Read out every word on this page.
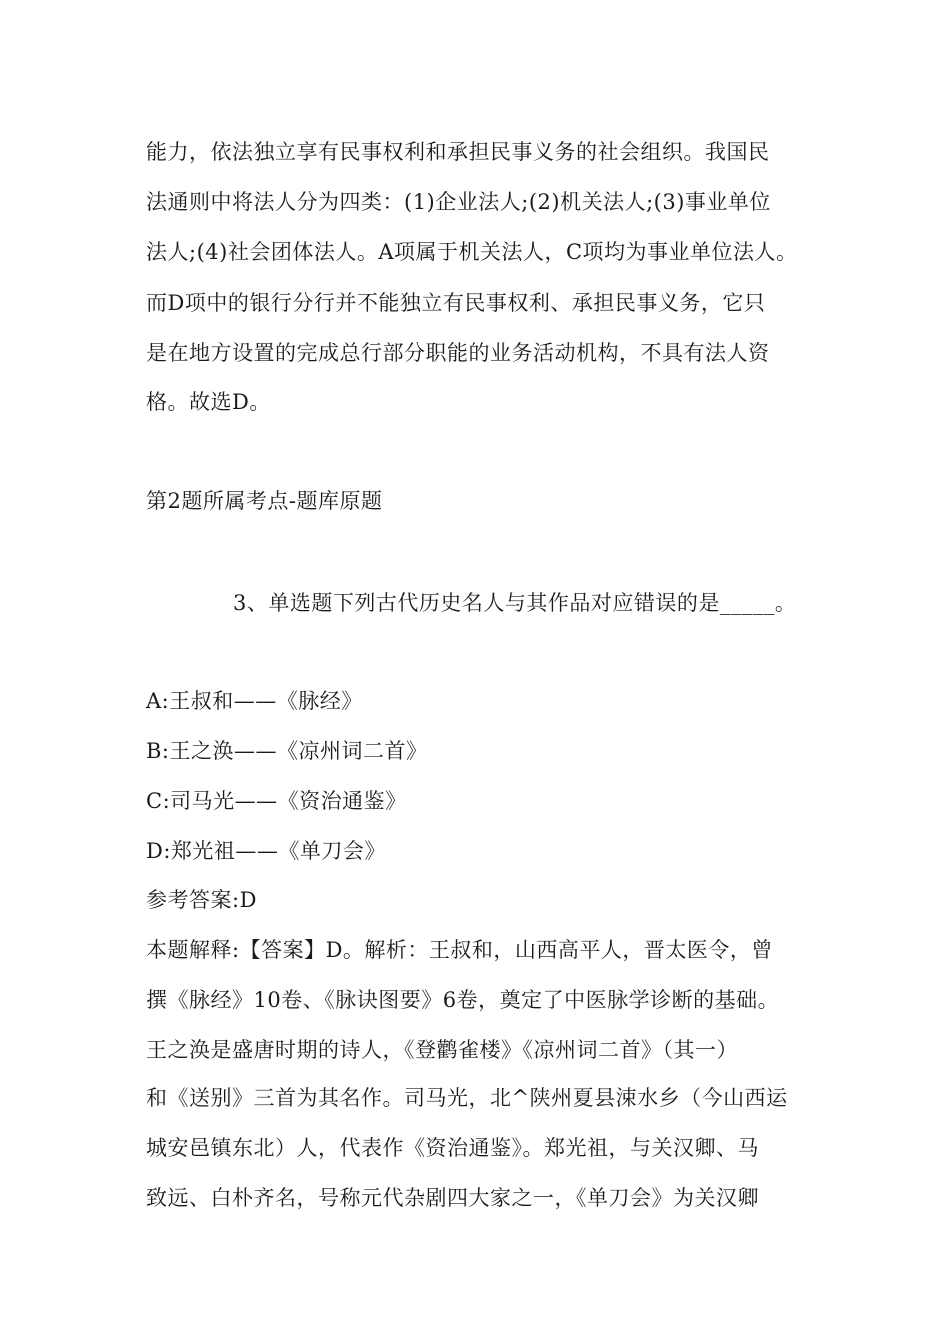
能力，依法独立享有民事权利和承担民事义务的社会组织。我国民
法通则中将法人分为四类：(1)企业法人;(2)机关法人;(3)事业单位
法人;(4)社会团体法人。A项属于机关法人，C项均为事业单位法人。
而D项中的银行分行并不能独立有民事权利、承担民事义务，它只
是在地方设置的完成总行部分职能的业务活动机构，不具有法人资
格。故选D。
第2题所属考点-题库原题
3、单选题下列古代历史名人与其作品对应错误的是_____。
A:王叔和——《脉经》
B:王之涣——《凉州词二首》
C:司马光——《资治通鉴》
D:郑光祖——《单刀会》
参考答案:D
本题解释:【答案】D。解析：王叔和，山西高平人，晋太医令，曾
撰《脉经》10卷、《脉诀图要》6卷，奠定了中医脉学诊断的基础。
王之涣是盛唐时期的诗人，《登鹳雀楼》《凉州词二首》（其一）
和《送别》三首为其名作。司马光，北^陕州夏县涑水乡（今山西运
城安邑镇东北）人，代表作《资治通鉴》。郑光祖，与关汉卿、马
致远、白朴齐名，号称元代杂剧四大家之一，《单刀会》为关汉卿
